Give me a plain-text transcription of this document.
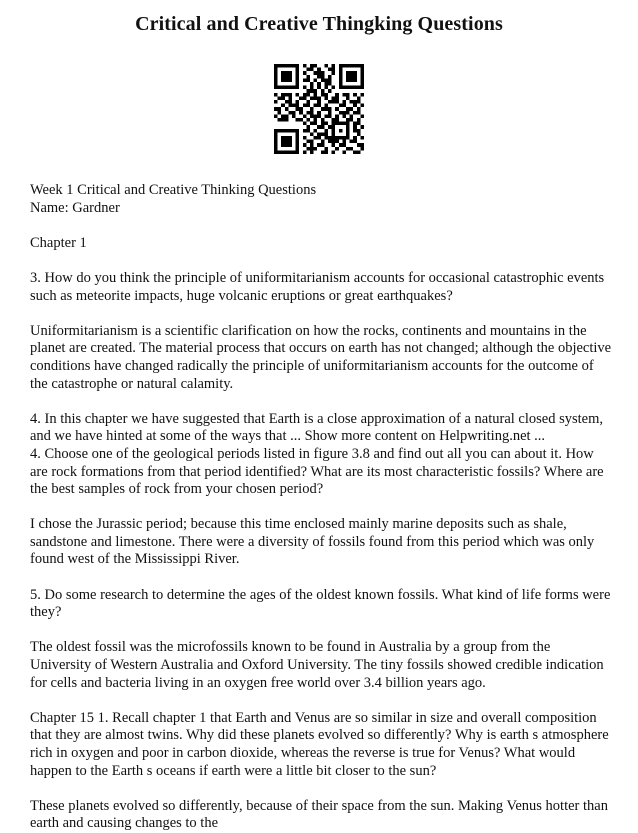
Critical and Creative Thingking Questions

Week 1 Critical and Creative Thinking Questions

Name: Gardner

Chapter 1

3. How do you think the principle of uniformitarianism accounts for occasional catastrophic events such as meteorite impacts, huge volcanic eruptions or great earthquakes?

Uniformitarianism is a scientific clarification on how the rocks, continents and mountains in the planet are created. The material process that occurs on earth has not changed; although the objective conditions have changed radically the principle of uniformitarianism accounts for the outcome of the catastrophe or natural calamity.

4. In this chapter we have suggested that Earth is a close approximation of a natural closed system, and we have hinted at some of the ways that ... Show more content on Helpwriting.net ...

4. Choose one of the geological periods listed in figure 3.8 and find out all you can about it. How are rock formations from that period identified? What are its most characteristic fossils? Where are the best samples of rock from your chosen period?

I chose the Jurassic period; because this time enclosed mainly marine deposits such as shale, sandstone and limestone. There were a diversity of fossils found from this period which was only found west of the Mississippi River.

5. Do some research to determine the ages of the oldest known fossils. What kind of life forms were they?

The oldest fossil was the microfossils known to be found in Australia by a group from the University of Western Australia and Oxford University. The tiny fossils showed credible indication for cells and bacteria living in an oxygen free world over 3.4 billion years ago.

Chapter 15 1. Recall chapter 1 that Earth and Venus are so similar in size and overall composition that they are almost twins. Why did these planets evolved so differently? Why is earth s atmosphere rich in oxygen and poor in carbon dioxide, whereas the reverse is true for Venus? What would happen to the Earth s oceans if earth were a little bit closer to the sun?

These planets evolved so differently, because of their space from the sun. Making Venus hotter than earth and causing changes to the
